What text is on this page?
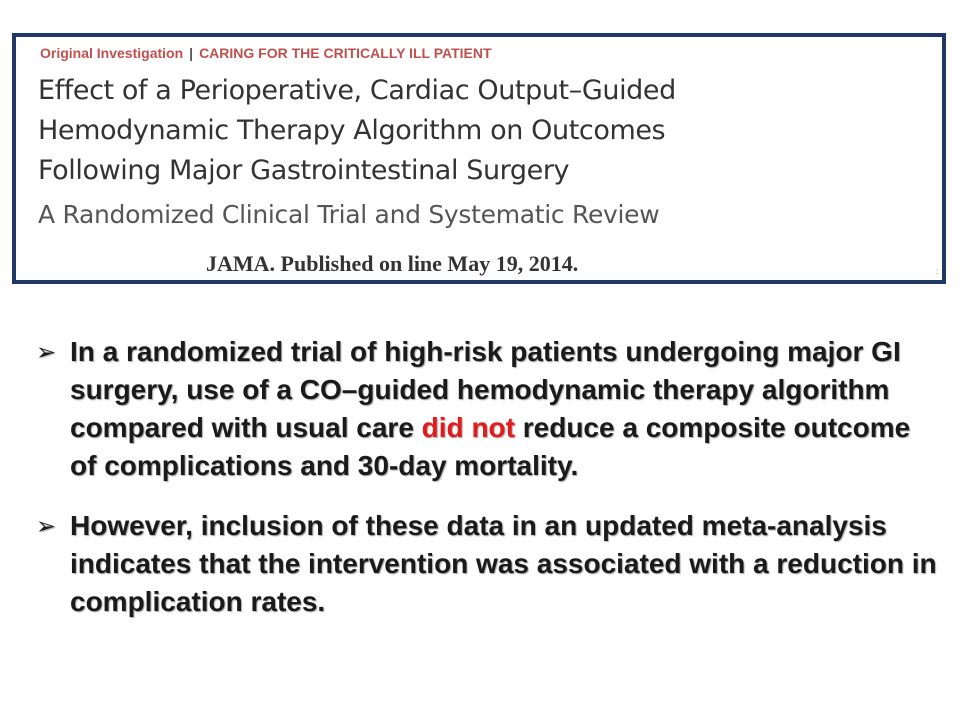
Original Investigation | CARING FOR THE CRITICALLY ILL PATIENT
Effect of a Perioperative, Cardiac Output–Guided
Hemodynamic Therapy Algorithm on Outcomes
Following Major Gastrointestinal Surgery
A Randomized Clinical Trial and Systematic Review
JAMA. Published on line May 19, 2014.	:
➢ In a randomized trial of high-risk patients undergoing major GI surgery, use of a CO–guided hemodynamic therapy algorithm compared with usual care did not reduce a composite outcome of complications and 30-day mortality.
➢ However, inclusion of these data in an updated meta-analysis indicates that the intervention was associated with a reduction in complication rates.
